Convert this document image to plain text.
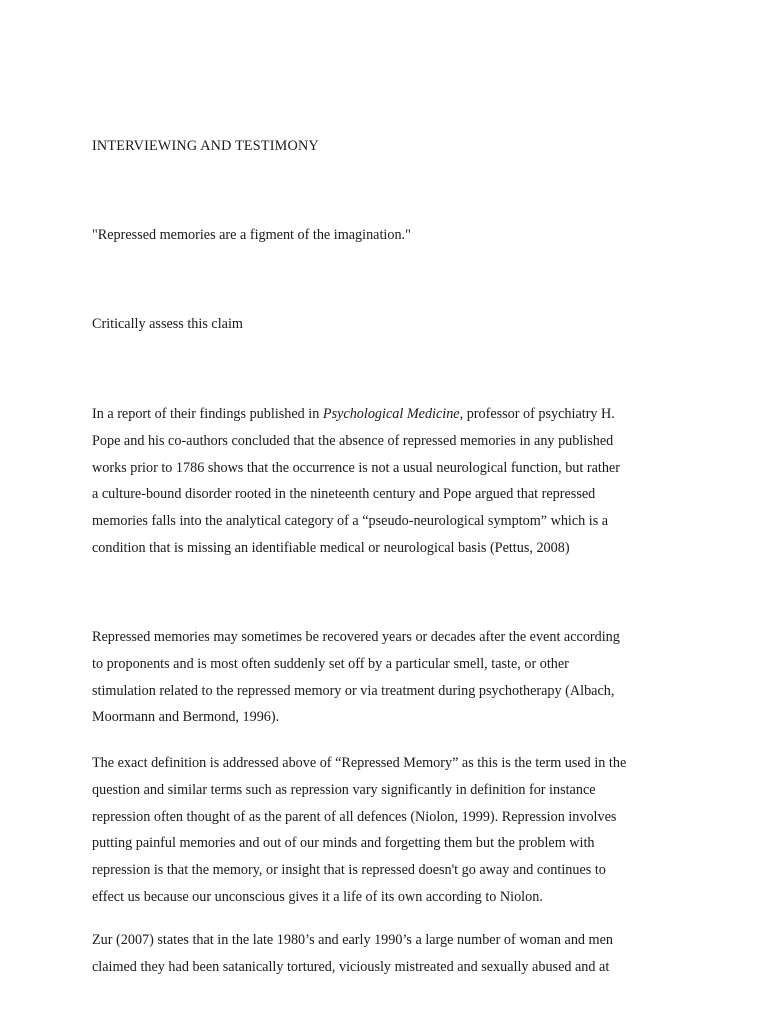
INTERVIEWING AND TESTIMONY

"Repressed memories are a figment of the imagination."

Critically assess this claim

In a report of their findings published in Psychological Medicine, professor of psychiatry H.
Pope and his co-authors concluded that the absence of repressed memories in any published
works prior to 1786 shows that the occurrence is not a usual neurological function, but rather
a culture-bound disorder rooted in the nineteenth century and Pope argued that repressed
memories falls into the analytical category of a “pseudo-neurological symptom” which is a
condition that is missing an identifiable medical or neurological basis (Pettus, 2008)

Repressed memories may sometimes be recovered years or decades after the event according
to proponents and is most often suddenly set off by a particular smell, taste, or other
stimulation related to the repressed memory or via treatment during psychotherapy (Albach,
Moormann and Bermond, 1996).

The exact definition is addressed above of “Repressed Memory” as this is the term used in the
question and similar terms such as repression vary significantly in definition for instance
repression often thought of as the parent of all defences (Niolon, 1999). Repression involves
putting painful memories and out of our minds and forgetting them but the problem with
repression is that the memory, or insight that is repressed doesn't go away and continues to
effect us because our unconscious gives it a life of its own according to Niolon.

Zur (2007) states that in the late 1980’s and early 1990’s a large number of woman and men
claimed they had been satanically tortured, viciously mistreated and sexually abused and at
